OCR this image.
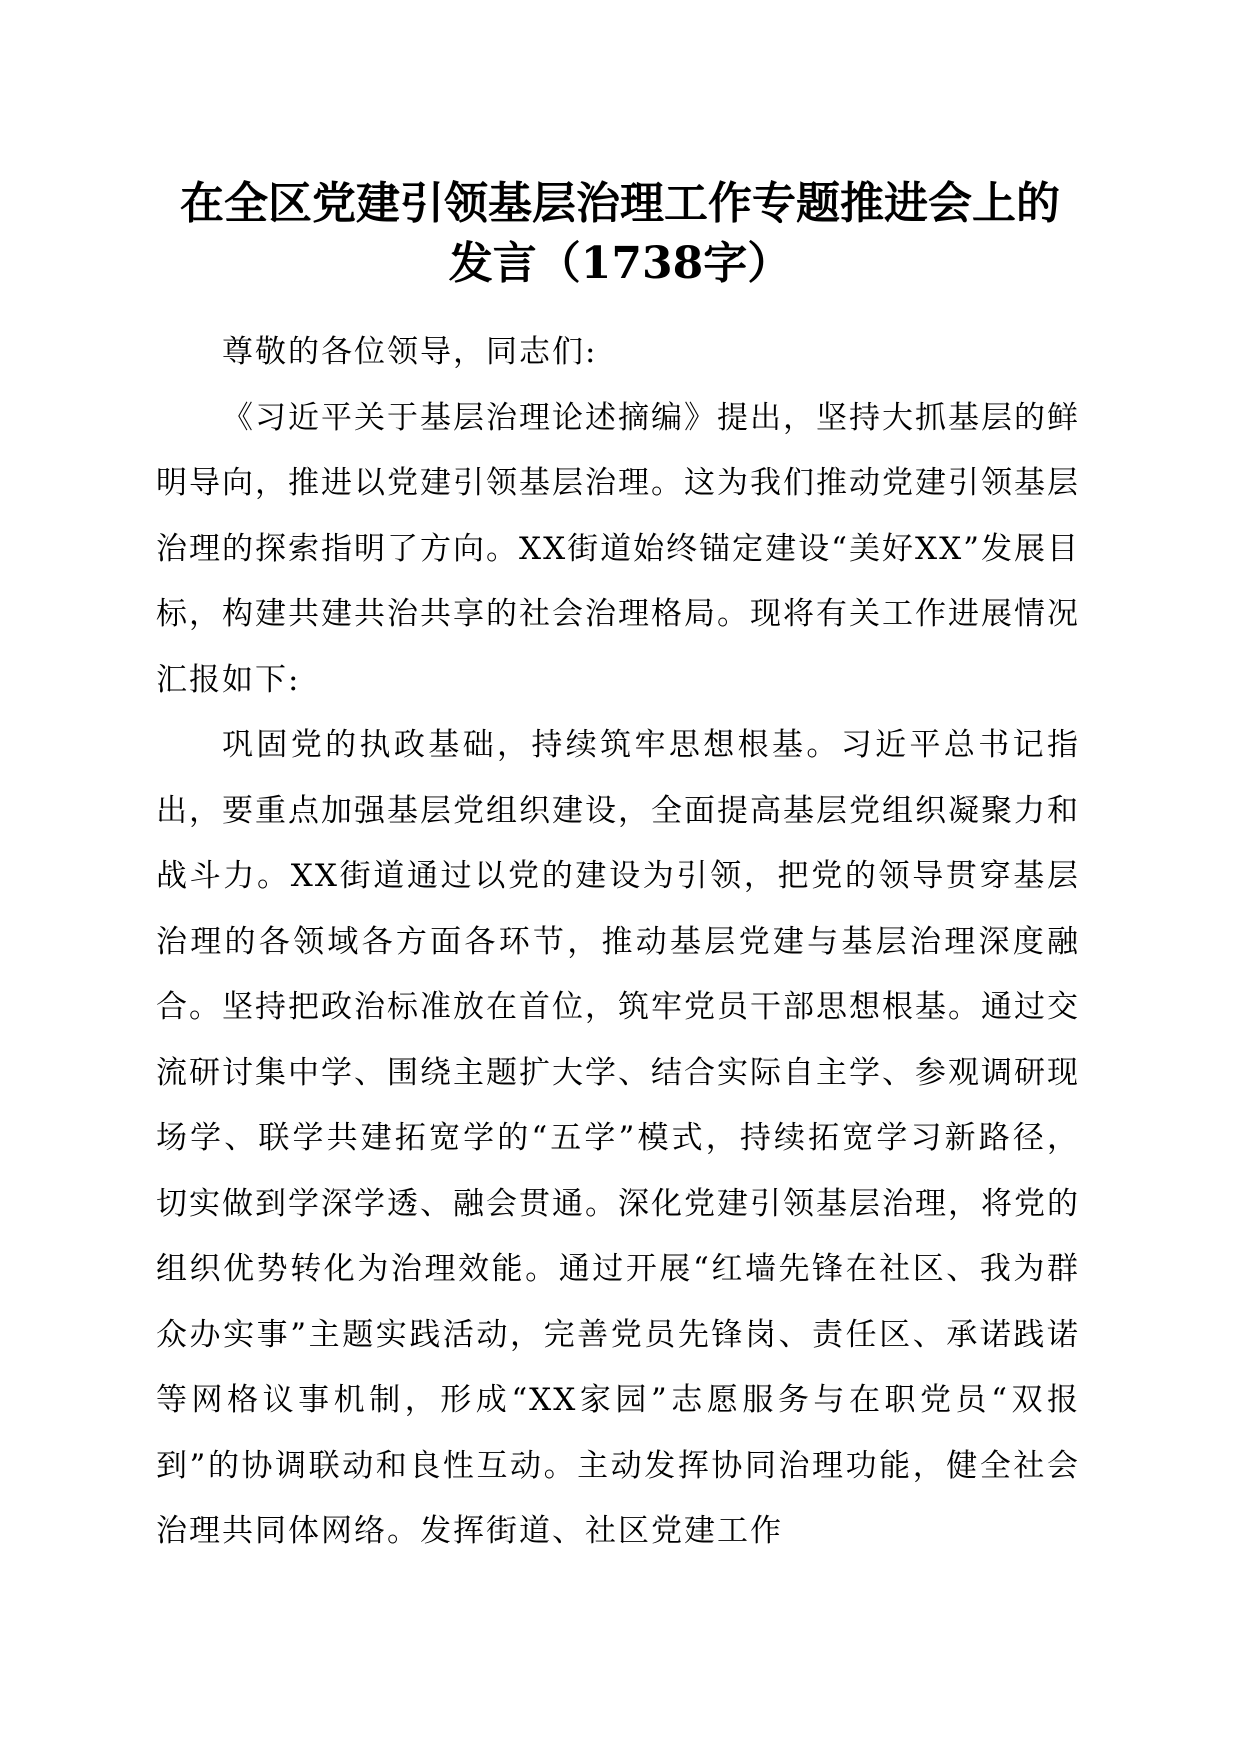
在全区党建引领基层治理工作专题推进会上的
发言（1738字）

尊敬的各位领导，同志们:

《习近平关于基层治理论述摘编》提出，坚持大抓基层的鲜明导向，推进以党建引领基层治理。这为我们推动党建引领基层治理的探索指明了方向。XX街道始终锚定建设“美好XX”发展目标，构建共建共治共享的社会治理格局。现将有关工作进展情况汇报如下:

巩固党的执政基础，持续筑牢思想根基。习近平总书记指出，要重点加强基层党组织建设，全面提高基层党组织凝聚力和战斗力。XX街道通过以党的建设为引领，把党的领导贯穿基层治理的各领域各方面各环节，推动基层党建与基层治理深度融合。坚持把政治标准放在首位，筑牢党员干部思想根基。通过交流研讨集中学、围绕主题扩大学、结合实际自主学、参观调研现场学、联学共建拓宽学的“五学”模式，持续拓宽学习新路径，切实做到学深学透、融会贯通。深化党建引领基层治理，将党的组织优势转化为治理效能。通过开展“红墙先锋在社区、我为群众办实事”主题实践活动，完善党员先锋岗、责任区、承诺践诺等网格议事机制，形成“XX家园”志愿服务与在职党员“双报到”的协调联动和良性互动。主动发挥协同治理功能，健全社会治理共同体网络。发挥街道、社区党建工作
